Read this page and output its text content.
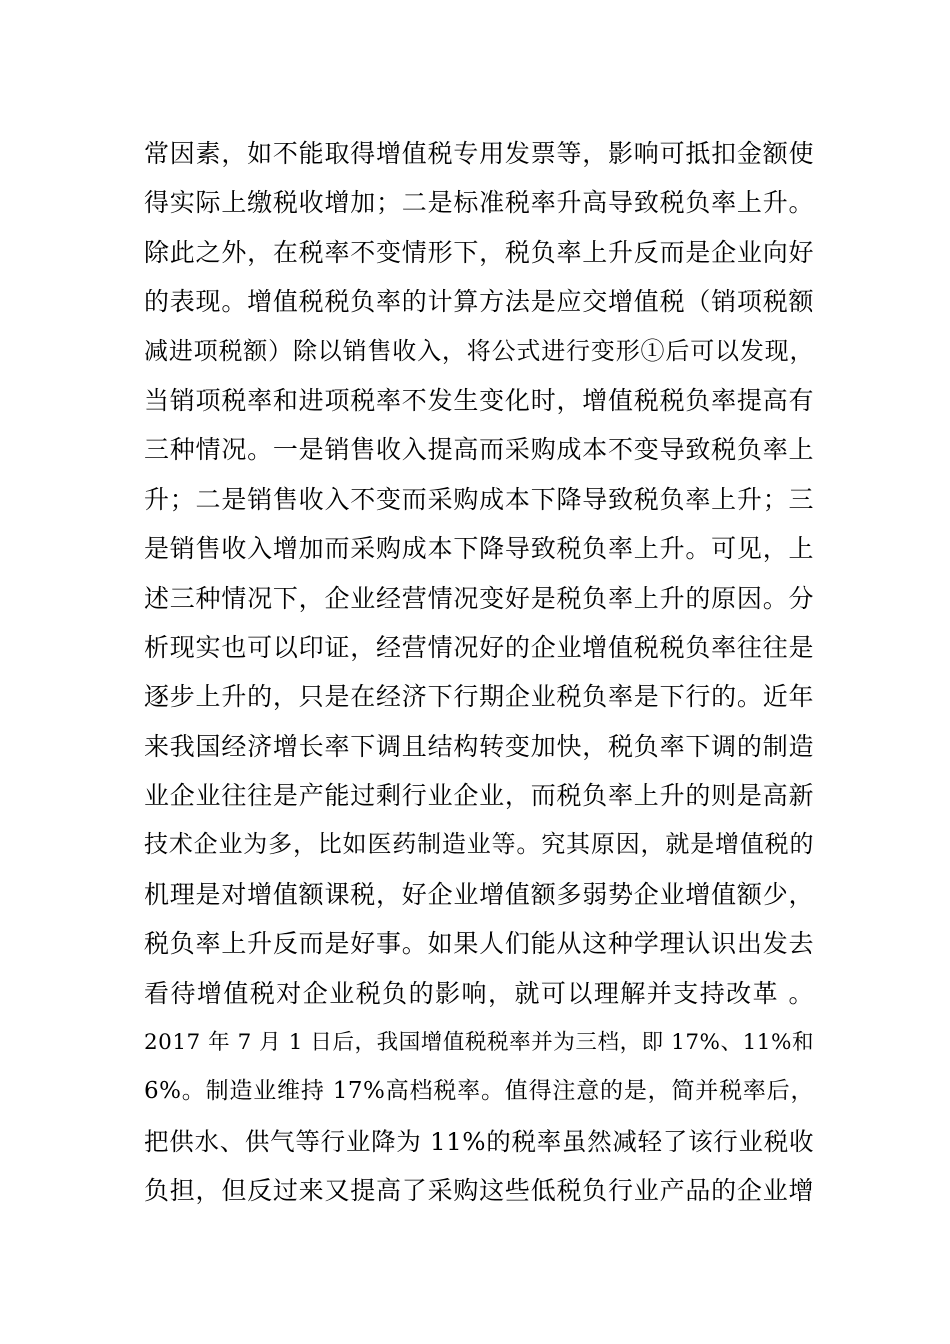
常因素，如不能取得增值税专用发票等，影响可抵扣金额使
得实际上缴税收增加；二是标准税率升高导致税负率上升。
除此之外，在税率不变情形下，税负率上升反而是企业向好
的表现。增值税税负率的计算方法是应交增值税（销项税额
减进项税额）除以销售收入，将公式进行变形①后可以发现，
当销项税率和进项税率不发生变化时，增值税税负率提高有
三种情况。一是销售收入提高而采购成本不变导致税负率上
升；二是销售收入不变而采购成本下降导致税负率上升；三
是销售收入增加而采购成本下降导致税负率上升。可见，上
述三种情况下，企业经营情况变好是税负率上升的原因。分
析现实也可以印证，经营情况好的企业增值税税负率往往是
逐步上升的，只是在经济下行期企业税负率是下行的。近年
来我国经济增长率下调且结构转变加快，税负率下调的制造
业企业往往是产能过剩行业企业，而税负率上升的则是高新
技术企业为多，比如医药制造业等。究其原因，就是增值税的
机理是对增值额课税，好企业增值额多弱势企业增值额少，
税负率上升反而是好事。如果人们能从这种学理认识出发去
看待增值税对企业税负的影响，就可以理解并支持改革 。
2017 年 7 月 1 日后，我国增值税税率并为三档，即 17%、11%和
6%。制造业维持 17%高档税率。值得注意的是，简并税率后，
把供水、供气等行业降为 11%的税率虽然减轻了该行业税收
负担，但反过来又提高了采购这些低税负行业产品的企业增
